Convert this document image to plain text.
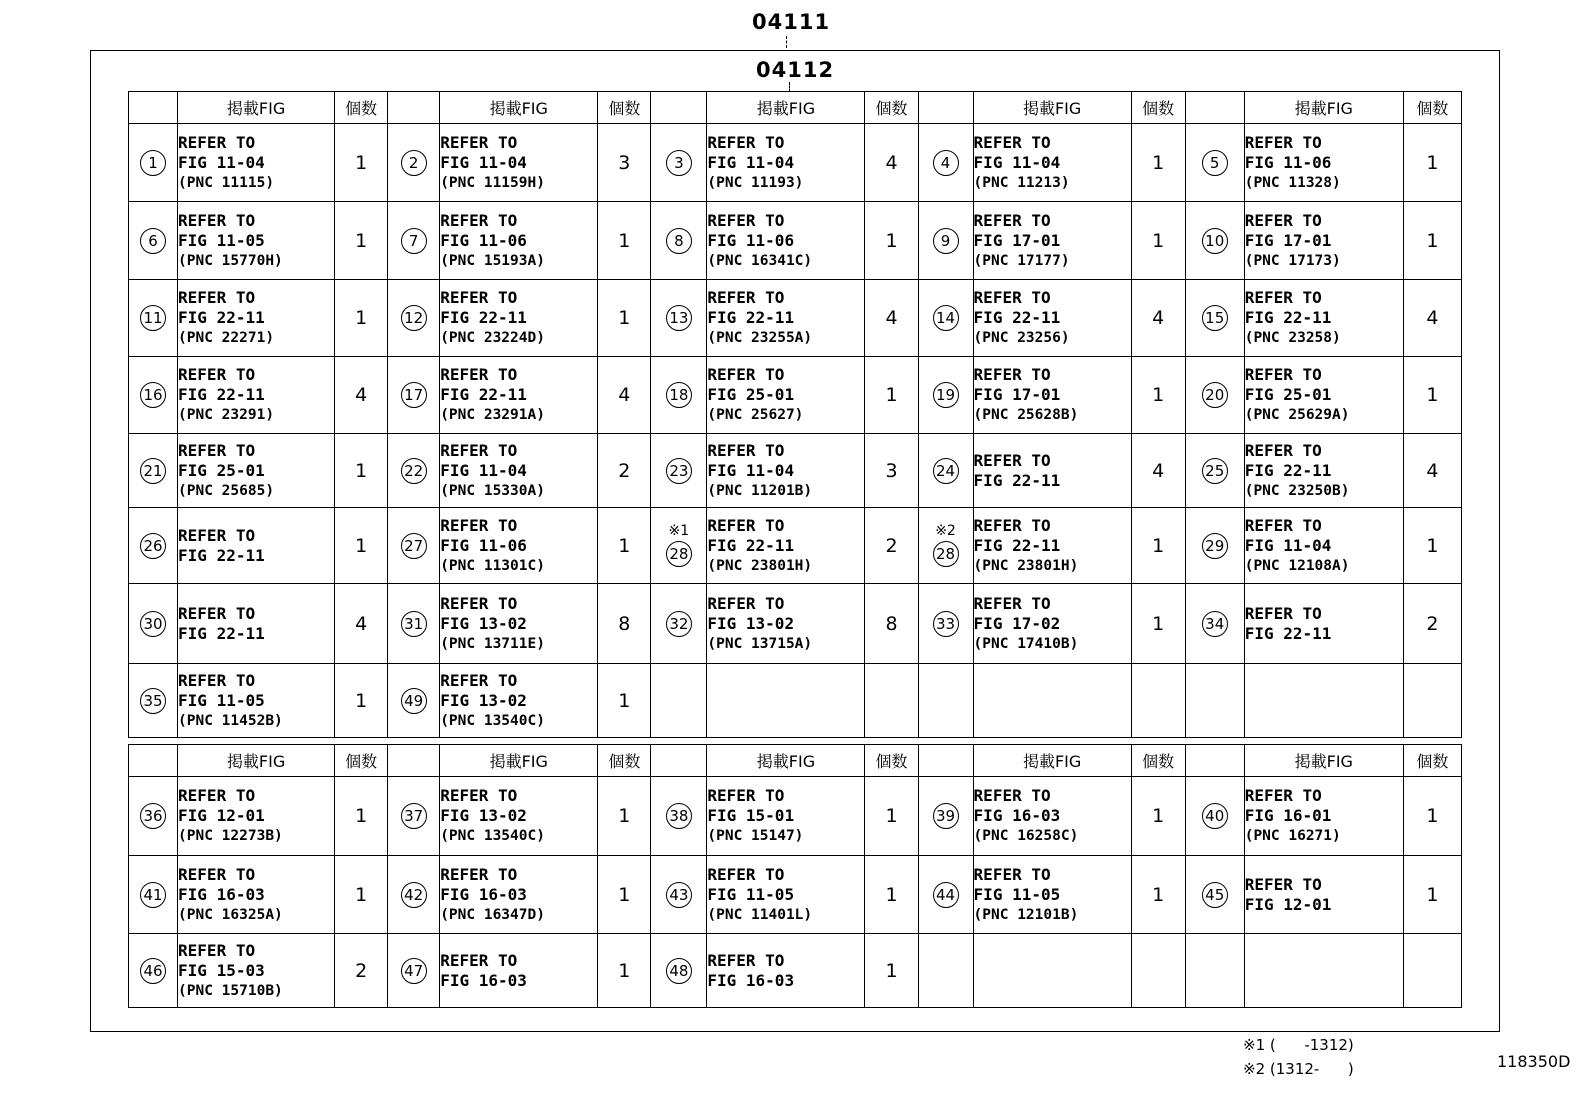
04111
04112
	掲載FIG	個数		掲載FIG	個数		掲載FIG	個数		掲載FIG	個数		掲載FIG	個数
1	REFER TO
FIG 11-04
(PNC 11115)	1	2	REFER TO
FIG 11-04
(PNC 11159H)	3	3	REFER TO
FIG 11-04
(PNC 11193)	4	4	REFER TO
FIG 11-04
(PNC 11213)	1	5	REFER TO
FIG 11-06
(PNC 11328)	1
6	REFER TO
FIG 11-05
(PNC 15770H)	1	7	REFER TO
FIG 11-06
(PNC 15193A)	1	8	REFER TO
FIG 11-06
(PNC 16341C)	1	9	REFER TO
FIG 17-01
(PNC 17177)	1	10	REFER TO
FIG 17-01
(PNC 17173)	1
11	REFER TO
FIG 22-11
(PNC 22271)	1	12	REFER TO
FIG 22-11
(PNC 23224D)	1	13	REFER TO
FIG 22-11
(PNC 23255A)	4	14	REFER TO
FIG 22-11
(PNC 23256)	4	15	REFER TO
FIG 22-11
(PNC 23258)	4
16	REFER TO
FIG 22-11
(PNC 23291)	4	17	REFER TO
FIG 22-11
(PNC 23291A)	4	18	REFER TO
FIG 25-01
(PNC 25627)	1	19	REFER TO
FIG 17-01
(PNC 25628B)	1	20	REFER TO
FIG 25-01
(PNC 25629A)	1
21	REFER TO
FIG 25-01
(PNC 25685)	1	22	REFER TO
FIG 11-04
(PNC 15330A)	2	23	REFER TO
FIG 11-04
(PNC 11201B)	3	24	REFER TO
FIG 22-11	4	25	REFER TO
FIG 22-11
(PNC 23250B)	4
26	REFER TO
FIG 22-11	1	27	REFER TO
FIG 11-06
(PNC 11301C)	1	※1
28	REFER TO
FIG 22-11
(PNC 23801H)	2	※2
28	REFER TO
FIG 22-11
(PNC 23801H)	1	29	REFER TO
FIG 11-04
(PNC 12108A)	1
30	REFER TO
FIG 22-11	4	31	REFER TO
FIG 13-02
(PNC 13711E)	8	32	REFER TO
FIG 13-02
(PNC 13715A)	8	33	REFER TO
FIG 17-02
(PNC 17410B)	1	34	REFER TO
FIG 22-11	2
35	REFER TO
FIG 11-05
(PNC 11452B)	1	49	REFER TO
FIG 13-02
(PNC 13540C)	1									
	掲載FIG	個数		掲載FIG	個数		掲載FIG	個数		掲載FIG	個数		掲載FIG	個数
36	REFER TO
FIG 12-01
(PNC 12273B)	1	37	REFER TO
FIG 13-02
(PNC 13540C)	1	38	REFER TO
FIG 15-01
(PNC 15147)	1	39	REFER TO
FIG 16-03
(PNC 16258C)	1	40	REFER TO
FIG 16-01
(PNC 16271)	1
41	REFER TO
FIG 16-03
(PNC 16325A)	1	42	REFER TO
FIG 16-03
(PNC 16347D)	1	43	REFER TO
FIG 11-05
(PNC 11401L)	1	44	REFER TO
FIG 11-05
(PNC 12101B)	1	45	REFER TO
FIG 12-01	1
46	REFER TO
FIG 15-03
(PNC 15710B)	2	47	REFER TO
FIG 16-03	1	48	REFER TO
FIG 16-03	1						
※1 (      -1312)
※2 (1312-      )	118350D
